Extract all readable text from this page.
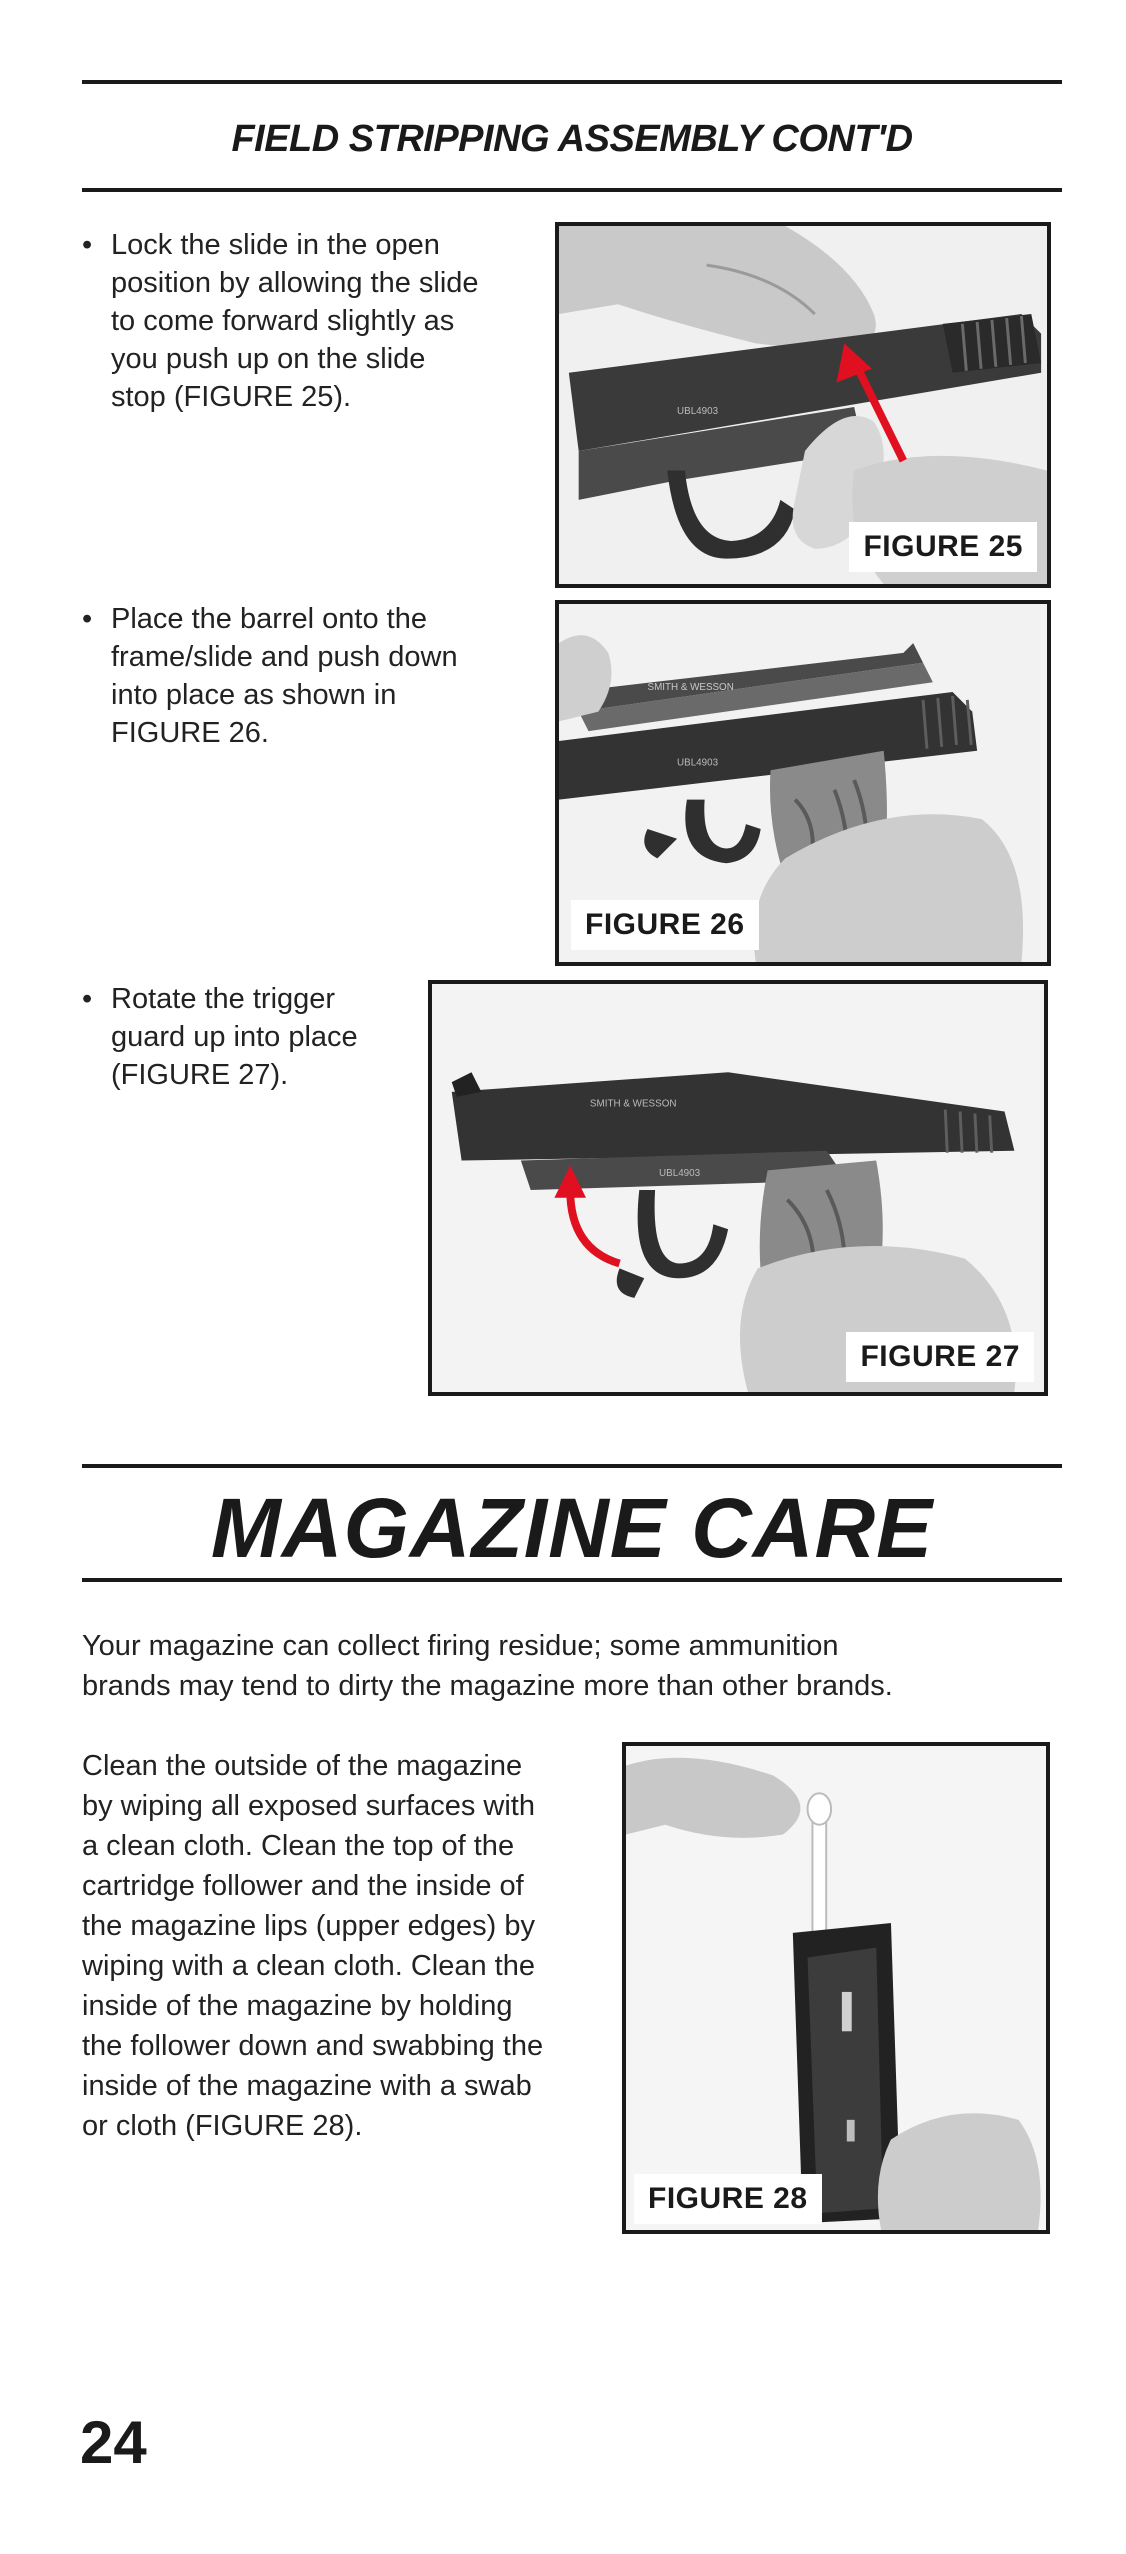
FIELD STRIPPING ASSEMBLY CONT'D
• Lock the slide in the open
position by allowing the slide
to come forward slightly as
you push up on the slide
stop (FIGURE 25).	UBL4903
FIGURE 25
• Place the barrel onto the
frame/slide and push down
into place as shown in
FIGURE 26.
SMITH & WESSON
UBL4903
FIGURE 26
• Rotate the trigger
guard up into place
(FIGURE 27).
SMITH & WESSON
UBL4903
FIGURE 27
MAGAZINE CARE
Your magazine can collect firing residue; some ammunition
brands may tend to dirty the magazine more than other brands.
Clean the outside of the magazine
by wiping all exposed surfaces with
a clean cloth. Clean the top of the
cartridge follower and the inside of
the magazine lips (upper edges) by
wiping with a clean cloth. Clean the
inside of the magazine by holding
the follower down and swabbing the
inside of the magazine with a swab
or cloth (FIGURE 28).
FIGURE 28
24
